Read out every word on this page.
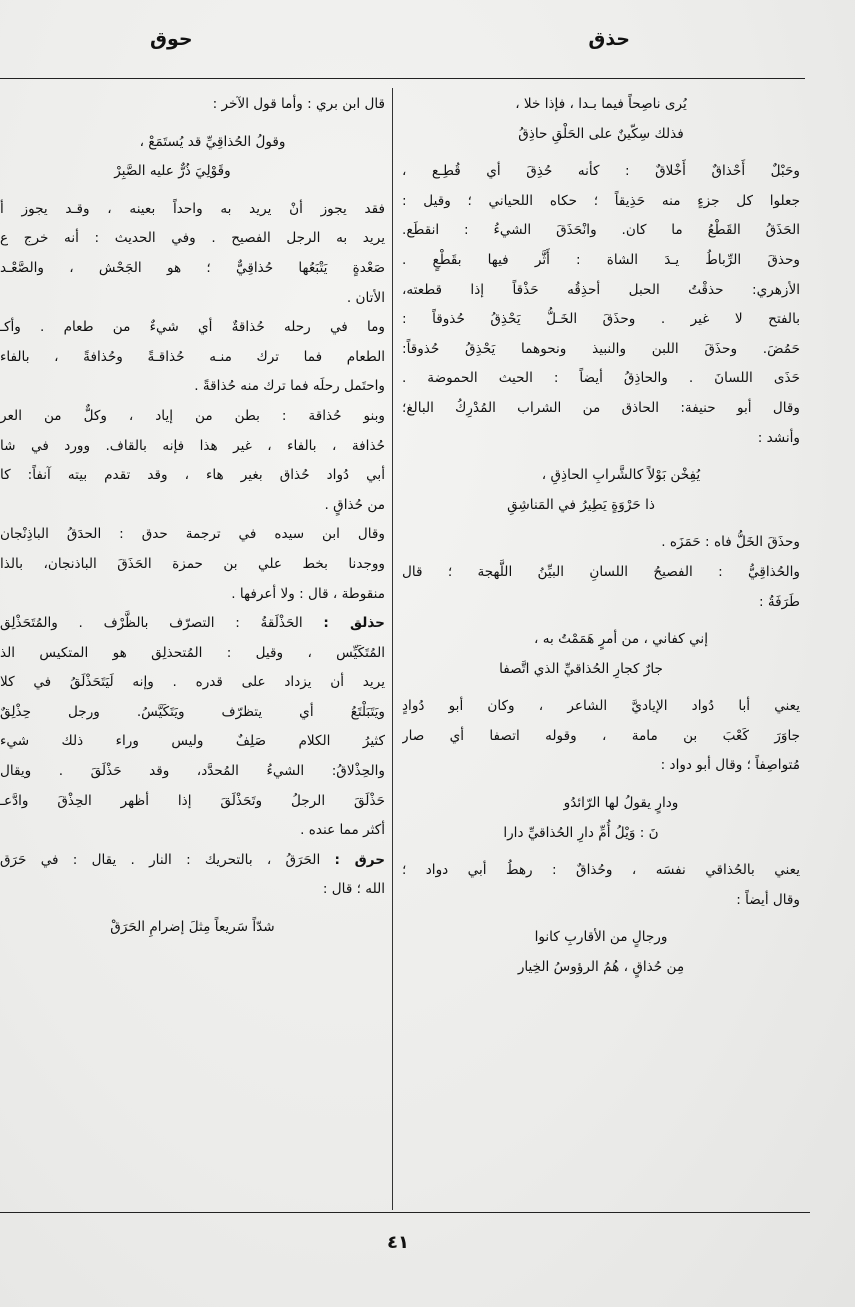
حذق
حوق
يُرى ناصِحاً فيما بـدا ، فإذا خلا ،
فذلك سِكّينٌ على الحَلْقِ حاذِقُ
وحَبْلٌ أَحْذاقٌ أَخْلاقٌ : كأنه حُذِقَ أي قُطِـع ،
جعلوا كل جزءٍ منه حَذِيقاً ؛ حكاه اللحياني ؛ وقيل :
الحَذَقُ القَطْعُ ما كان. وانْحَذَقَ الشيءُ : انقطَع.
وحذقَ الرِّباطُ يـدَ الشاة : أَثَّر فيها بقَطْعٍ .
الأزهري: حذقْتُ الحبل أحذِقُه حَذْقاً إذا قطعته،
بالفتح لا غير . وحذَقَ الخَـلُّ يَحْذِقُ حُذوقاً :
حَمُضَ. وحذَقَ اللبن والنبيذ ونحوهما يَحْذِقُ حُذوقاً:
حَذَى اللسانَ . والحاذِقُ أيضاً : الحيث الحموضة .
وقال أبو حنيفة: الحاذق من الشراب المُدْرِكُ البالغ؛
وأنشد :
يُفِخْن بَوْلاً كالشَّرابِ الحاذِقِ ،
ذا حَرْوَةٍ يَطِيرُ في المَناشِقِ
وحذَقَ الخَلُّ فاه : حَمَزَه .
والحُذاقِيُّ : الفصيحُ اللسانِ البيِّنُ اللَّهجة ؛ قال
طَرَفَةُ :
إني كفاني ، من أمرٍ هَمَمْتُ به ،
جارٌ كجارِ الحُذاقيِّ الذي اتَّصفا
يعني أبا دُواد الإياديَّ الشاعر ، وكان أبو دُوادٍ
جاوَرَ كَعْبَ بن مامة ، وقوله اتصفا أي صار
مُتواصِفاً ؛ وقال أبو دواد :
ودارٍ يقولُ لها الرّائدُو
نَ : وَيْلُ أُمِّ دارِ الحُذاقيِّ دارا
يعني بالحُذاقي نفسَه ، وحُذاقٌ : رهطُ أبي دواد ؛
وقال أيضاً :
ورجالٍ من الأقاربِ كانوا
مِن حُذاقٍ ، هُمُ الرؤوسُ الخِيار
قال ابن بري : وأما قول الآخر :
وقولُ الحُذاقِيِّ قد يُستَمَعْ ،
وقَوْلِيَ ذُرٌّ عليه الصَّبِرْ
فقد يجوز أنْ يريد به واحداً بعينه ، وقـد يجوز أ
يريد به الرجل الفصيح . وفي الحديث : أنه خرج ع
صَعْدةٍ يَتْبَعُها حُذاقِيٌّ ؛ هو الجَحْش ، والصَّعْـد
الأتان .
وما في رحله حُذاقةٌ أي شيءٌ من طعام . وأكـ
الطعام فما ترك منـه حُذاقـةً وحُذافةً ، بالفاء
واحتَمل رحلَه فما ترك منه حُذاقةً .
وبنو حُذاقة : بطن من إياد ، وكلٌّ من العر
حُذافة ، بالفاء ، غير هذا فإنه بالقاف. وورد في شا
أبي دُواد حُذاق بغير هاء ، وقد تقدم بيته آنفاً: كا
من حُذاقٍ .
وقال ابن سيده في ترجمة حدق : الحدَقُ الباذِنْجان
ووجدنا بخط علي بن حمزة الحَذَقَ الباذنجان، بالذا
منقوطة ، قال : ولا أعرفها .
حذلق : الحَذْلَقةُ : التصرّف بالظَّرْف . والمُتَحَذْلِق
المُتَكَيِّس ، وقيل : المُتحذلِق هو المتكيس الذ
يريد أن يزداد على قدره . وإنه لَيَتَحَذْلَقُ في كلا
ويَتَبَلْتَعُ أي يتظرّف ويَتَكَيَّسُ. ورجل حِذْلِقٌ
كثيرُ الكلام صَلِفٌ وليس وراء ذلك شيء
والحِذْلاقُ: الشيءُ المُحدَّد، وقد حَذْلَقَ . ويقال
حَذْلَقَ الرجلُ وتَحَذْلَقَ إذا أظهر الحِذْقَ وادَّعـ
أكثر مما عنده .
حرق : الحَرَقُ ، بالتحريك : النار . يقال : في حَرَق
الله ؛ قال :
شدّاً سَريعاً مِثلَ إضرامِ الحَرَقْ
٤١
